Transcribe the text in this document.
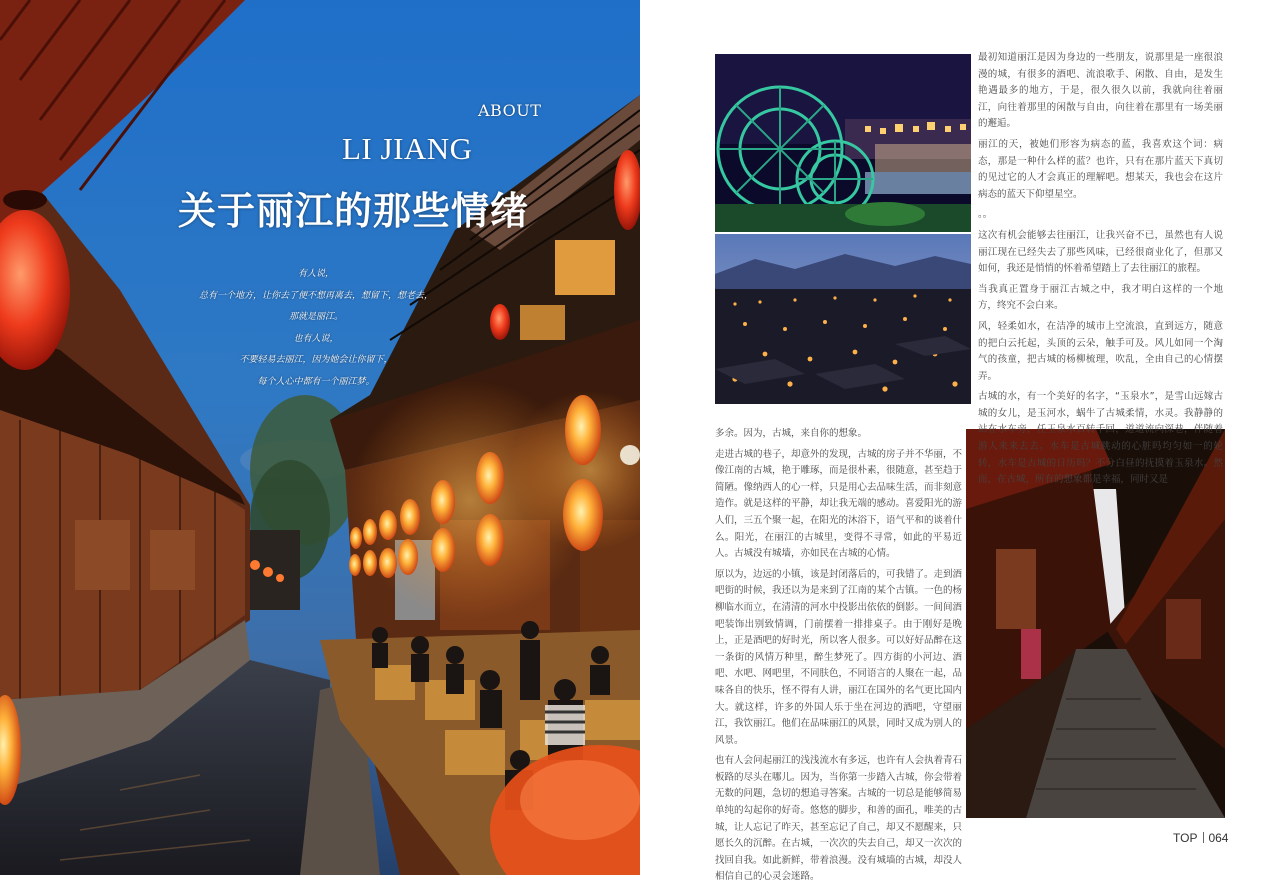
ABOUT
LI JIANG
关于丽江的那些情绪
有人说，
总有一个地方，让你去了便不想再离去，想留下，想老去，
那就是丽江。
也有人说，
不要轻易去丽江，因为她会让你留下，
每个人心中都有一个丽江梦。

最初知道丽江是因为身边的一些朋友，说那里是一座很浪漫的城，有很多的酒吧、流浪歌手、闲散、自由，是发生艳遇最多的地方，于是，很久很久以前，我就向往着丽江，向往着那里的闲散与自由，向往着在那里有一场美丽的邂逅。

丽江的天，被她们形容为病态的蓝，我喜欢这个词：病态，那是一种什么样的蓝？也许，只有在那片蓝天下真切的见过它的人才会真正的理解吧。想某天，我也会在这片病态的蓝天下仰望星空。

。。

这次有机会能够去往丽江，让我兴奋不已，虽然也有人说丽江现在已经失去了那些风味，已经很商业化了，但那又如何，我还是悄悄的怀着希望踏上了去往丽江的旅程。

当我真正置身于丽江古城之中，我才明白这样的一个地方，终究不会白来。

风，轻柔如水，在洁净的城市上空流浪，直到远方，随意的把白云托起，头顶的云朵，触手可及。风儿如同一个淘气的孩童，把古城的杨柳梳理，吹乱，全由自己的心情摆弄。

古城的水，有一个美好的名字，“玉泉水”，是雪山远嫁古城的女儿，是玉河水，蜗牛了古城柔情，水灵。我静静的站在水车旁，任玉泉水百转千回，道道流向深巷，伴随着游人来来去去。水车是古城跳动的心脏吗均匀如一的轮转，水车是古城的日历吗？不分白昼的抚摸着玉泉水。然而，在古城，所有的想象都是幸福，同时又是

多余。因为，古城，来自你的想象。

走进古城的巷子，却意外的发现，古城的房子并不华丽，不像江南的古城，艳于雕琢，而是很朴素，很随意，甚至趋于简陋。像纳西人的心一样，只是用心去品味生活，而非刻意造作。就是这样的平静，却让我无端的感动。喜爱阳光的游人们，三五个聚一起，在阳光的沐浴下，语气平和的谈着什么。阳光，在丽江的古城里，变得不寻常，如此的平易近人。古城没有城墙，亦如民在古城的心情。

原以为，边远的小镇，该是封闭落后的，可我错了。走到酒吧街的时候，我还以为是来到了江南的某个古镇。一色的杨柳临水而立，在清清的河水中投影出依依的倒影。一间间酒吧装饰出别致情调，门前摆着一排排桌子。由于刚好是晚上，正是酒吧的好时光，所以客人很多。可以好好品醉在这一条街的风情万种里，醉生梦死了。四方街的小河边、酒吧、水吧、网吧里，不同肤色，不同语言的人聚在一起，品味各自的快乐，怪不得有人讲，丽江在国外的名气更比国内大。就这样，许多的外国人乐于坐在河边的酒吧，守望丽江，我饮丽江。他们在品味丽江的风景，同时又成为别人的风景。

也有人会问起丽江的浅浅流水有多远，也许有人会执着青石板路的尽头在哪儿。因为，当你第一步踏入古城，你会带着无数的问题，急切的想追寻答案。古城的一切总是能够简易单纯的勾起你的好奇。悠悠的脚步，和善的面孔，唯美的古城，让人忘记了昨天，甚至忘记了自己，却又不愿醒来，只愿长久的沉醉。在古城，一次次的失去自己，却又一次次的找回自我。如此新鲜，带着浪漫。没有城墙的古城，却没人相信自己的心灵会迷路。

TOP 064
